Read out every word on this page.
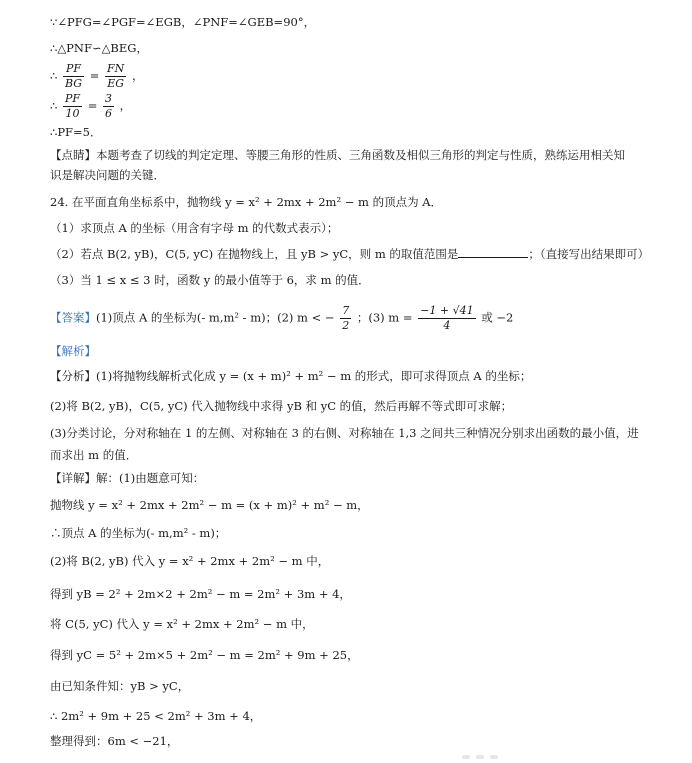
∵∠PFG=∠PGF=∠EGB，∠PNF=∠GEB=90°，
∴△PNF∽△BEG，
∴ $\frac{PF}{BG} = \frac{FN}{EG}$ ，
∴ $\frac{PF}{10} = \frac{3}{6}$ ，
∴PF=5．
【点睛】本题考查了切线的判定定理、等腰三角形的性质、三角函数及相似三角形的判定与性质，熟练运用相关知
识是解决问题的关键．
24. 在平面直角坐标系中，抛物线 y = x² + 2mx + 2m² − m 的顶点为 A．
（1）求顶点 A 的坐标（用含有字母 m 的代数式表示）；
（2）若点 B(2, yB)，C(5, yC) 在抛物线上，且 yB > yC，则 m 的取值范围是	；（直接写出结果即可）
（3）当 1 ≤ x ≤ 3 时，函数 y 的最小值等于 6，求 m 的值．
【答案】(1)顶点 A 的坐标为(- m,m² - m)；(2) m < − $\frac{7}{2}$ ；(3) $m = \frac{-1 + √41}{4}$ 或 −2
【解析】
【分析】(1)将抛物线解析式化成 y = (x + m)² + m² − m 的形式，即可求得顶点 A 的坐标；
(2)将 B(2, yB)，C(5, yC) 代入抛物线中求得 yB 和 yC 的值，然后再解不等式即可求解；
(3)分类讨论，分对称轴在 1 的左侧、对称轴在 3 的右侧、对称轴在 1,3 之间共三种情况分别求出函数的最小值，进
而求出 m 的值．
【详解】解：(1)由题意可知：
抛物线 y = x² + 2mx + 2m² − m = (x + m)² + m² − m，
∴顶点 A 的坐标为(- m,m² - m)；
(2)将 B(2, yB) 代入 y = x² + 2mx + 2m² − m 中，
得到 yB = 2² + 2m×2 + 2m² − m = 2m² + 3m + 4，
将 C(5, yC) 代入 y = x² + 2mx + 2m² − m 中，
得到 yC = 5² + 2m×5 + 2m² − m = 2m² + 9m + 25，
由已知条件知：yB > yC，
∴ 2m² + 9m + 25 < 2m² + 3m + 4，
整理得到：6m < −21，
